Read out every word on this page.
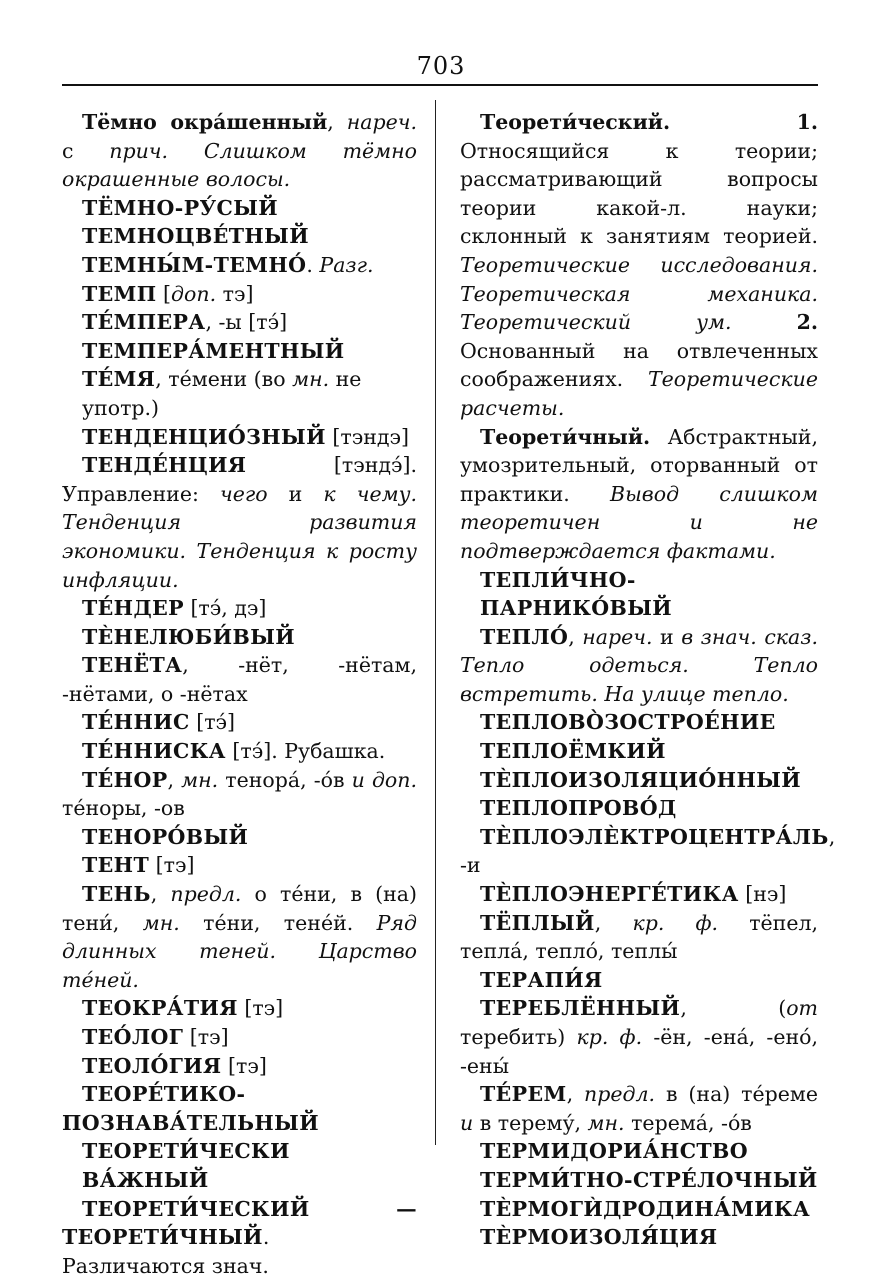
703

Тёмно окра́шенный, нареч. с прич. Слишком тёмно окрашенные волосы.

ТЁМНО-РУ́СЫЙ

ТЕМНОЦВЕ́ТНЫЙ

ТЕМНЫ́М-ТЕМНО́. Разг.

ТЕМП [доп. тэ]

ТЕ́МПЕРА, -ы [тэ́]

ТЕМПЕРА́МЕНТНЫЙ

ТЕ́МЯ, те́мени (во мн. не употр.)

ТЕНДЕНЦИО́ЗНЫЙ [тэндэ]

ТЕНДЕ́НЦИЯ [тэндэ́]. Управление: чего и к чему. Тенденция развития экономики. Тенденция к росту инфляции.

ТЕ́НДЕР [тэ́, дэ]

ТЀНЕЛЮБИ́ВЫЙ

ТЕНЁТА, -нёт, -нётам, -нётами, о -нётах

ТЕ́ННИС [тэ́]

ТЕ́ННИСКА [тэ́]. Рубашка.

ТЕ́НОР, мн. тенора́, -о́в и доп. те́норы, -ов

ТЕНОРО́ВЫЙ

ТЕНТ [тэ]

ТЕНЬ, предл. о те́ни, в (на) тени́, мн. те́ни, тене́й. Ряд длинных теней. Царство те́ней.

ТЕОКРА́ТИЯ [тэ]

ТЕО́ЛОГ [тэ]

ТЕОЛО́ГИЯ [тэ]

ТЕОРЕ́ТИКО-ПОЗНАВА́ТЕЛЬНЫЙ

ТЕОРЕТИ́ЧЕСКИ ВА́ЖНЫЙ

ТЕОРЕТИ́ЧЕСКИЙ — ТЕОРЕТИ́ЧНЫЙ. Различаются знач.

Теорети́ческий. 1. Относящийся к теории; рассматривающий вопросы теории какой-л. науки; склонный к занятиям теорией. Теоретические исследования. Теоретическая механика. Теоретический ум.	2. Основанный на отвлеченных соображениях. Теоретические расчеты.

Теорети́чный. Абстрактный, умозрительный, оторванный от практики. Вывод слишком теоретичен и не подтверждается фактами.

ТЕПЛИ́ЧНО-ПАРНИКО́ВЫЙ

ТЕПЛО́, нареч. и в знач. сказ. Тепло одеться. Тепло встретить. На улице тепло.

ТЕПЛОВО̀ЗОСТРОЕ́НИЕ

ТЕПЛОЁМКИЙ

ТЀПЛОИЗОЛЯЦИО́ННЫЙ

ТЕПЛОПРОВО́Д

ТЀПЛОЭЛЀКТРОЦЕНТРА́ЛЬ, -и

ТЀПЛОЭНЕРГЕ́ТИКА [нэ]

ТЁПЛЫЙ, кр. ф. тёпел, тепла́, тепло́, теплы́

ТЕРАПИ́Я

ТЕРЕБЛЁННЫЙ, (от теребить) кр. ф. -ён, -ена́, -ено́, -ены́

ТЕ́РЕМ, предл. в (на) те́реме и в терему́, мн. терема́, -о́в

ТЕРМИДОРИА́НСТВО

ТЕРМИ́ТНО-СТРЕ́ЛОЧНЫЙ

ТЀРМОГЍДРОДИНА́МИКА

ТЀРМОИЗОЛЯ́ЦИЯ
